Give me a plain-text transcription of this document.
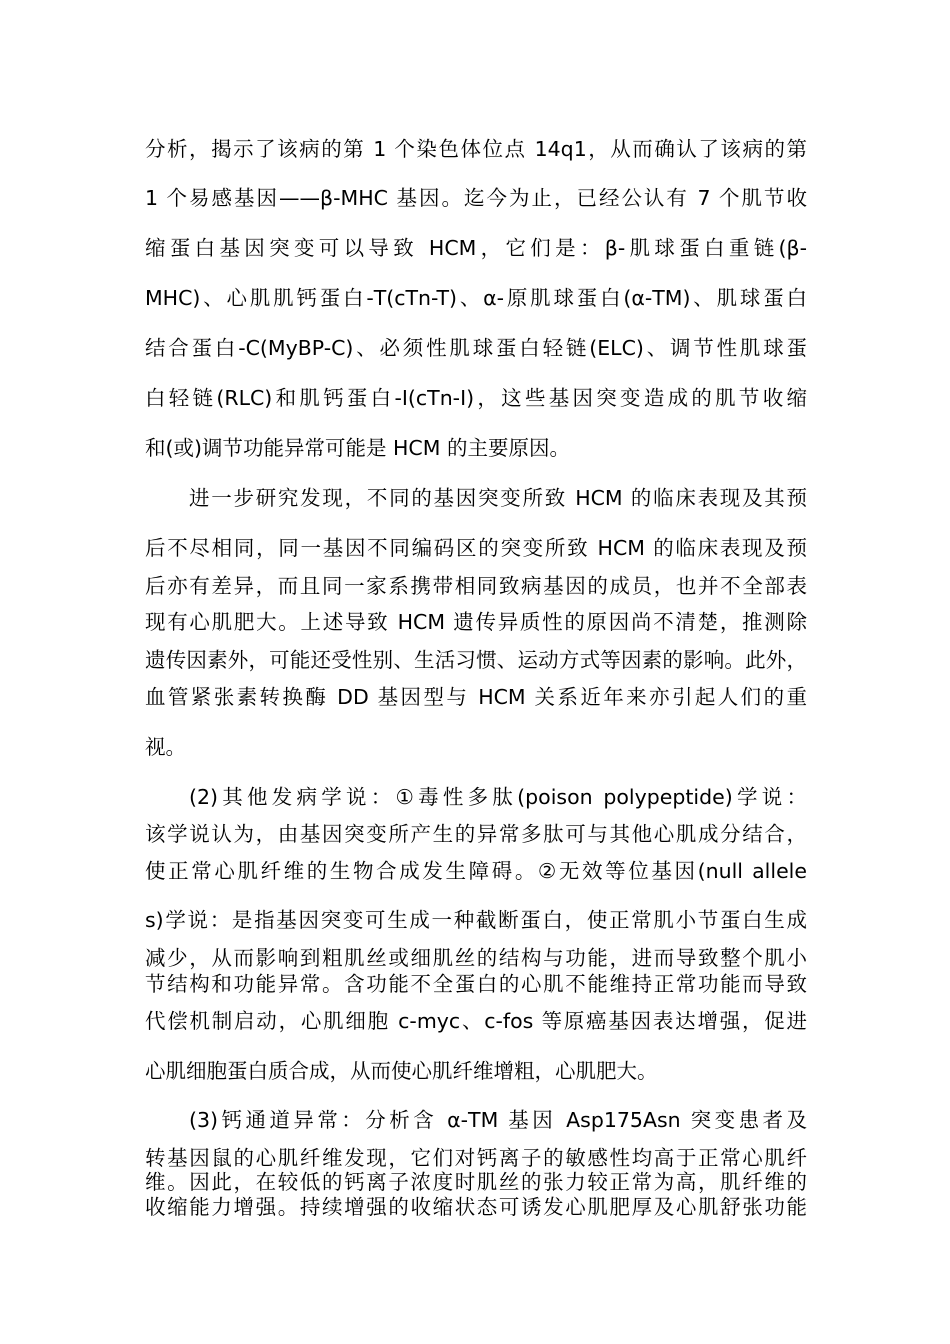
分析，揭示了该病的第 1 个染色体位点 14q1，从而确认了该病的第
1 个易感基因——β-MHC 基因。迄今为止，已经公认有 7 个肌节收
缩蛋白基因突变可以导致 HCM，它们是：β-肌球蛋白重链(β-
MHC)、心肌肌钙蛋白-T(cTn-T)、α-原肌球蛋白(α-TM)、肌球蛋白
结合蛋白-C(MyBP-C)、必须性肌球蛋白轻链(ELC)、调节性肌球蛋
白轻链(RLC)和肌钙蛋白-I(cTn-I)，这些基因突变造成的肌节收缩
和(或)调节功能异常可能是 HCM 的主要原因。
进一步研究发现，不同的基因突变所致 HCM 的临床表现及其预
后不尽相同，同一基因不同编码区的突变所致 HCM 的临床表现及预
后亦有差异，而且同一家系携带相同致病基因的成员，也并不全部表
现有心肌肥大。上述导致 HCM 遗传异质性的原因尚不清楚，推测除
遗传因素外，可能还受性别、生活习惯、运动方式等因素的影响。此外，
血管紧张素转换酶 DD 基因型与 HCM 关系近年来亦引起人们的重
视。
(2)其他发病学说：①毒性多肽(poison polypeptide)学说：
该学说认为，由基因突变所产生的异常多肽可与其他心肌成分结合，
使正常心肌纤维的生物合成发生障碍。②无效等位基因(null allele
s)学说：是指基因突变可生成一种截断蛋白，使正常肌小节蛋白生成
减少，从而影响到粗肌丝或细肌丝的结构与功能，进而导致整个肌小
节结构和功能异常。含功能不全蛋白的心肌不能维持正常功能而导致
代偿机制启动，心肌细胞 c-myc、c-fos 等原癌基因表达增强，促进
心肌细胞蛋白质合成，从而使心肌纤维增粗，心肌肥大。
(3)钙通道异常：分析含 α-TM 基因 Asp175Asn 突变患者及
转基因鼠的心肌纤维发现，它们对钙离子的敏感性均高于正常心肌纤
维。因此，在较低的钙离子浓度时肌丝的张力较正常为高，肌纤维的
收缩能力增强。持续增强的收缩状态可诱发心肌肥厚及心肌舒张功能
